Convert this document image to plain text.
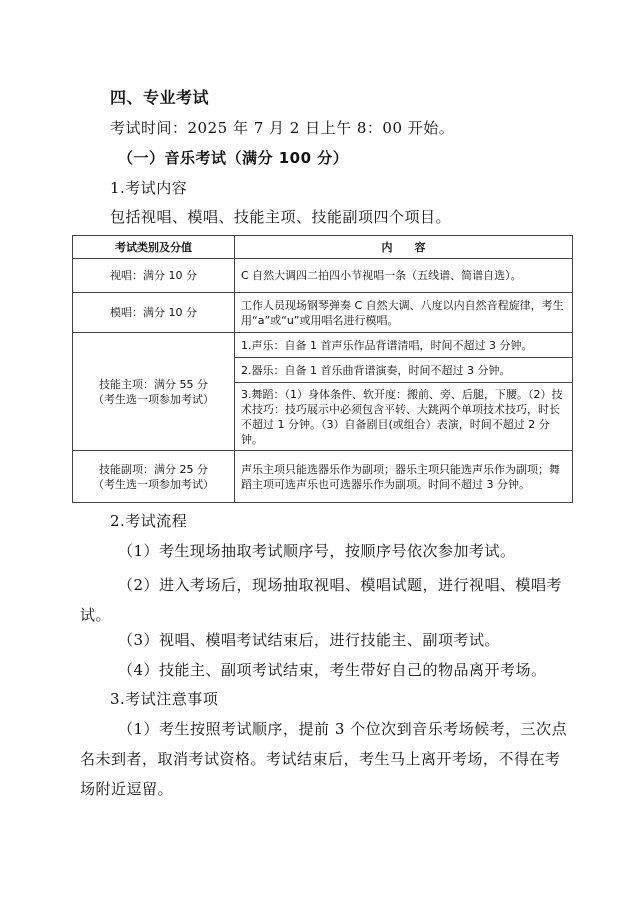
四、专业考试
考试时间：2025 年 7 月 2 日上午 8：00 开始。
（一）音乐考试（满分 100 分）
1.考试内容
包括视唱、模唱、技能主项、技能副项四个项目。
考试类别及分值	内　　容
视唱：满分 10 分	C 自然大调四二拍四小节视唱一条（五线谱、简谱自选）。
模唱：满分 10 分	工作人员现场钢琴弹奏 C 自然大调、八度以内自然音程旋律，考生用“a”或“u”或用唱名进行模唱。

技能主项：满分 55 分
（考生选一项参加考试）	1.声乐：自备 1 首声乐作品背谱清唱，时间不超过 3 分钟。
	2.器乐：自备 1 首乐曲背谱演奏，时间不超过 3 分钟。
	3.舞蹈：（1）身体条件、软开度：搬前、旁、后腿，下腰。（2）技术技巧：技巧展示中必须包含平转、大跳两个单项技术技巧，时长不超过 1 分钟。（3）自备剧目(或组合）表演，时间不超过 2 分钟。

技能副项：满分 25 分
（考生选一项参加考试）	声乐主项只能选器乐作为副项；器乐主项只能选声乐作为副项；舞蹈主项可选声乐也可选器乐作为副项。时间不超过 3 分钟。
2.考试流程
（1）考生现场抽取考试顺序号，按顺序号依次参加考试。
（2）进入考场后，现场抽取视唱、模唱试题，进行视唱、模唱考试。
（3）视唱、模唱考试结束后，进行技能主、副项考试。
（4）技能主、副项考试结束，考生带好自己的物品离开考场。
3.考试注意事项
（1）考生按照考试顺序，提前 3 个位次到音乐考场候考，三次点名未到者，取消考试资格。考试结束后，考生马上离开考场，不得在考场附近逗留。
